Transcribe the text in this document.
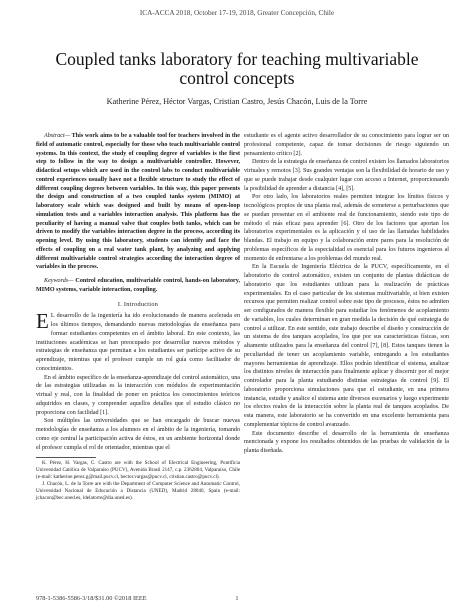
ICA-ACCA 2018, October 17-19, 2018, Greater Concepción, Chile
Coupled tanks laboratory for teaching multivariable control concepts
Katherine Pérez, Héctor Vargas, Cristian Castro, Jesús Chacón, Luis de la Torre

Abstract— This work aims to be a valuable tool for teachers involved in the field of automatic control, especially for those who teach multivariable control systems. In this context, the study of coupling degree of variables is the first step to follow in the way to design a multivariable controller. However, didactical setups which are used in the control labs to conduct multivariable control experiences usually have not a flexible structure to study the effect of different coupling degrees between variables. In this way, this paper presents the design and construction of a two coupled tanks system (MIMO) at laboratory scale which was designed and built by means of open-loop simulation tests and a variables interaction analysis. This platform has the peculiarity of having a manual valve that couples both tanks, which can be driven to modify the variables interaction degree in the process, according its opening level. By using this laboratory, students can identify and face the effects of coupling on a real water tank plant, by analyzing and applying different multivariable control strategies according the interaction degree of variables in the process.

Keywords— Control education, multivariable control, hands-on laboratory, MIMO systems, variable interaction, coupling.

I. Introduction

E L desarrollo de la ingeniería ha ido evolucionando de manera acelerada en los últimos tiempos, demandando nuevas metodologías de enseñanza para formar estudiantes competentes en el ámbito laboral. En este contexto, las instituciones académicas se han preocupado por desarrollar nuevos métodos y estrategias de enseñanza que permitan a los estudiantes ser partícipe activo de su aprendizaje, mientras que el profesor cumple un rol guía como facilitador de conocimientos.

En el ámbito específico de la enseñanza-aprendizaje del control automático, una de las estrategias utilizadas es la interacción con módulos de experimentación virtual y real, con la finalidad de poner en práctica los conocimientos teóricos adquiridos en clases, y comprender aquellos detalles que el estudio clásico no proporciona con facilidad [1].

Son múltiples las universidades que se han encargado de buscar nuevas metodologías de enseñanza a los alumnos en el ámbito de la ingeniería, tomando como eje central la participación activa de éstos, en un ambiente horizontal donde el profesor cumpla el rol de orientador, mientras que el

K. Pérez, H. Vargas, C. Castro are with the School of Electrical Engineering, Pontificia Universidad Católica de Valparaíso (PUCV), Avenida Brasil 2147, c.p. 2362804, Valparaíso, Chile (e-mail: katherine.perez.g@mail.pucv.cl, hector.vargas@pucv.cl, cristian.castro@pucv.cl).

J. Chacón, L. de la Torre are with the Department of Computer Science and Automatic Control, Universidad Nacional de Educación a Distancia (UNED), Madrid 28040, Spain (e-mail: jchacon@bec.uned.es, ldelatorre@dia.uned.es).

estudiante es el agente activo desarrollador de su conocimiento para lograr ser un profesional competente, capaz de tomar decisiones de riesgo siguiendo un pensamiento crítico [2].

Dentro de la estrategia de enseñanza de control existen los llamados laboratorios virtuales y remotos [3]. Sus grandes ventajas son la flexibilidad de horario de uso y que se puede trabajar desde cualquier lugar con acceso a Internet, proporcionando la posibilidad de aprender a distancia [4], [5].

Por otro lado, los laboratorios reales permiten integrar los límites físicos y tecnológicos propios de una planta real, además de someterse a perturbaciones que se puedan presentar en el ambiente real de funcionamiento, siendo este tipo de método el más eficaz para aprender [6]. Otro de los factores que aportan los laboratorios experimentales es la aplicación y el uso de las llamadas habilidades blandas. El trabajo en equipo y la colaboración entre pares para la resolución de problemas específicos de la especialidad es esencial para los futuros ingenieros al momento de enfrentarse a los problemas del mundo real.

En la Escuela de Ingeniería Eléctrica de la PUCV, específicamente, en el laboratorio de control automático, existen un conjunto de plantas didácticas de laboratorio que los estudiantes utilizan para la realización de prácticas experimentales. En el caso particular de los sistemas multivariable, si bien existen recursos que permiten realizar control sobre este tipo de procesos, éstos no admiten ser configurados de manera flexible para estudiar los fenómenos de acoplamiento de variables, los cuales determinan en gran medida la decisión de qué estrategia de control a utilizar. En este sentido, este trabajo describe el diseño y construcción de un sistema de dos tanques acoplados, los que por sus características físicas, son altamente utilizados para la enseñanza del control [7], [8]. Estos tanques tienen la peculiaridad de tener un acoplamiento variable, entregando a los estudiantes mayores herramientas de aprendizaje. Ellos podrán identificar el sistema, analizar los distintos niveles de interacción para finalmente aplicar y discernir por el mejor controlador para la planta estudiando distintas estrategias de control [9]. El laboratorio proporciona simulaciones para que el estudiante, en una primera instancia, estudie y analice el sistema ante diversos escenarios y luego experimente los efectos reales de la interacción sobre la planta real de tanques acoplados. De esta manera, este laboratorio se ha convertido en una excelente herramienta para complementar tópicos de control avanzado.

Este documento describe el desarrollo de la herramienta de enseñanza mencionada y expone los resultados obtenidos de las pruebas de validación de la planta diseñada.

978-1-5386-5586-3/18/$31.00 ©2018 IEEE	1
